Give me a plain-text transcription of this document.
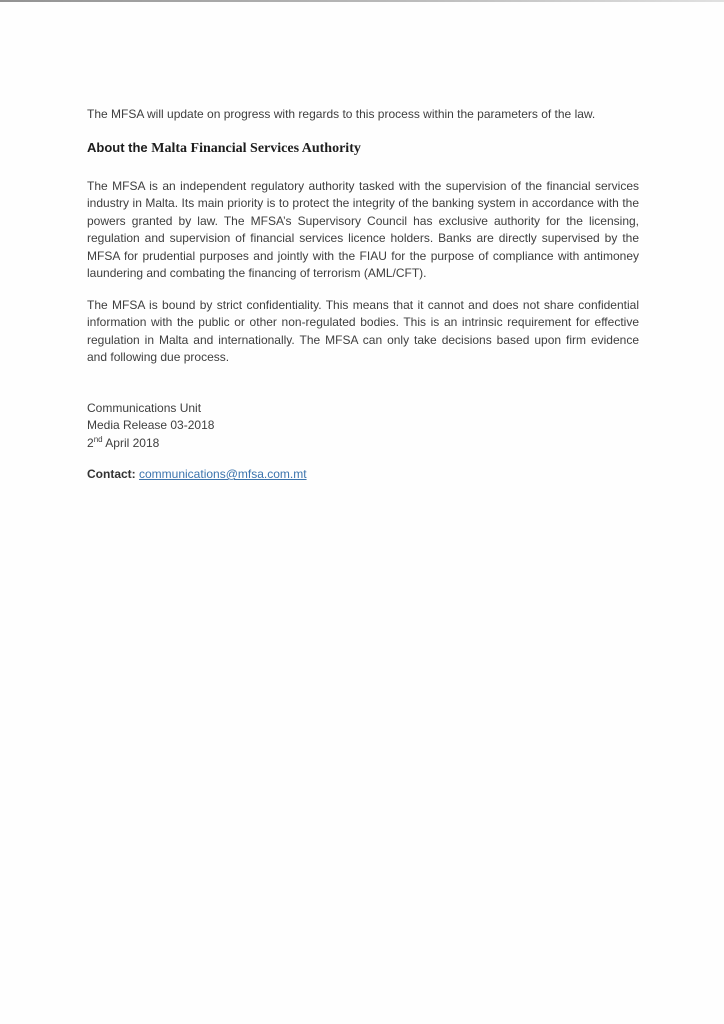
The MFSA will update on progress with regards to this process within the parameters of the law.

About the Malta Financial Services Authority

The MFSA is an independent regulatory authority tasked with the supervision of the financial services industry in Malta. Its main priority is to protect the integrity of the banking system in accordance with the powers granted by law. The MFSA’s Supervisory Council has exclusive authority for the licensing, regulation and supervision of financial services licence holders. Banks are directly supervised by the MFSA for prudential purposes and jointly with the FIAU for the purpose of compliance with antimoney laundering and combating the financing of terrorism (AML/CFT).

The MFSA is bound by strict confidentiality. This means that it cannot and does not share confidential information with the public or other non-regulated bodies. This is an intrinsic requirement for effective regulation in Malta and internationally. The MFSA can only take decisions based upon firm evidence and following due process.

Communications Unit
Media Release 03-2018
2nd April 2018

Contact: communications@mfsa.com.mt
